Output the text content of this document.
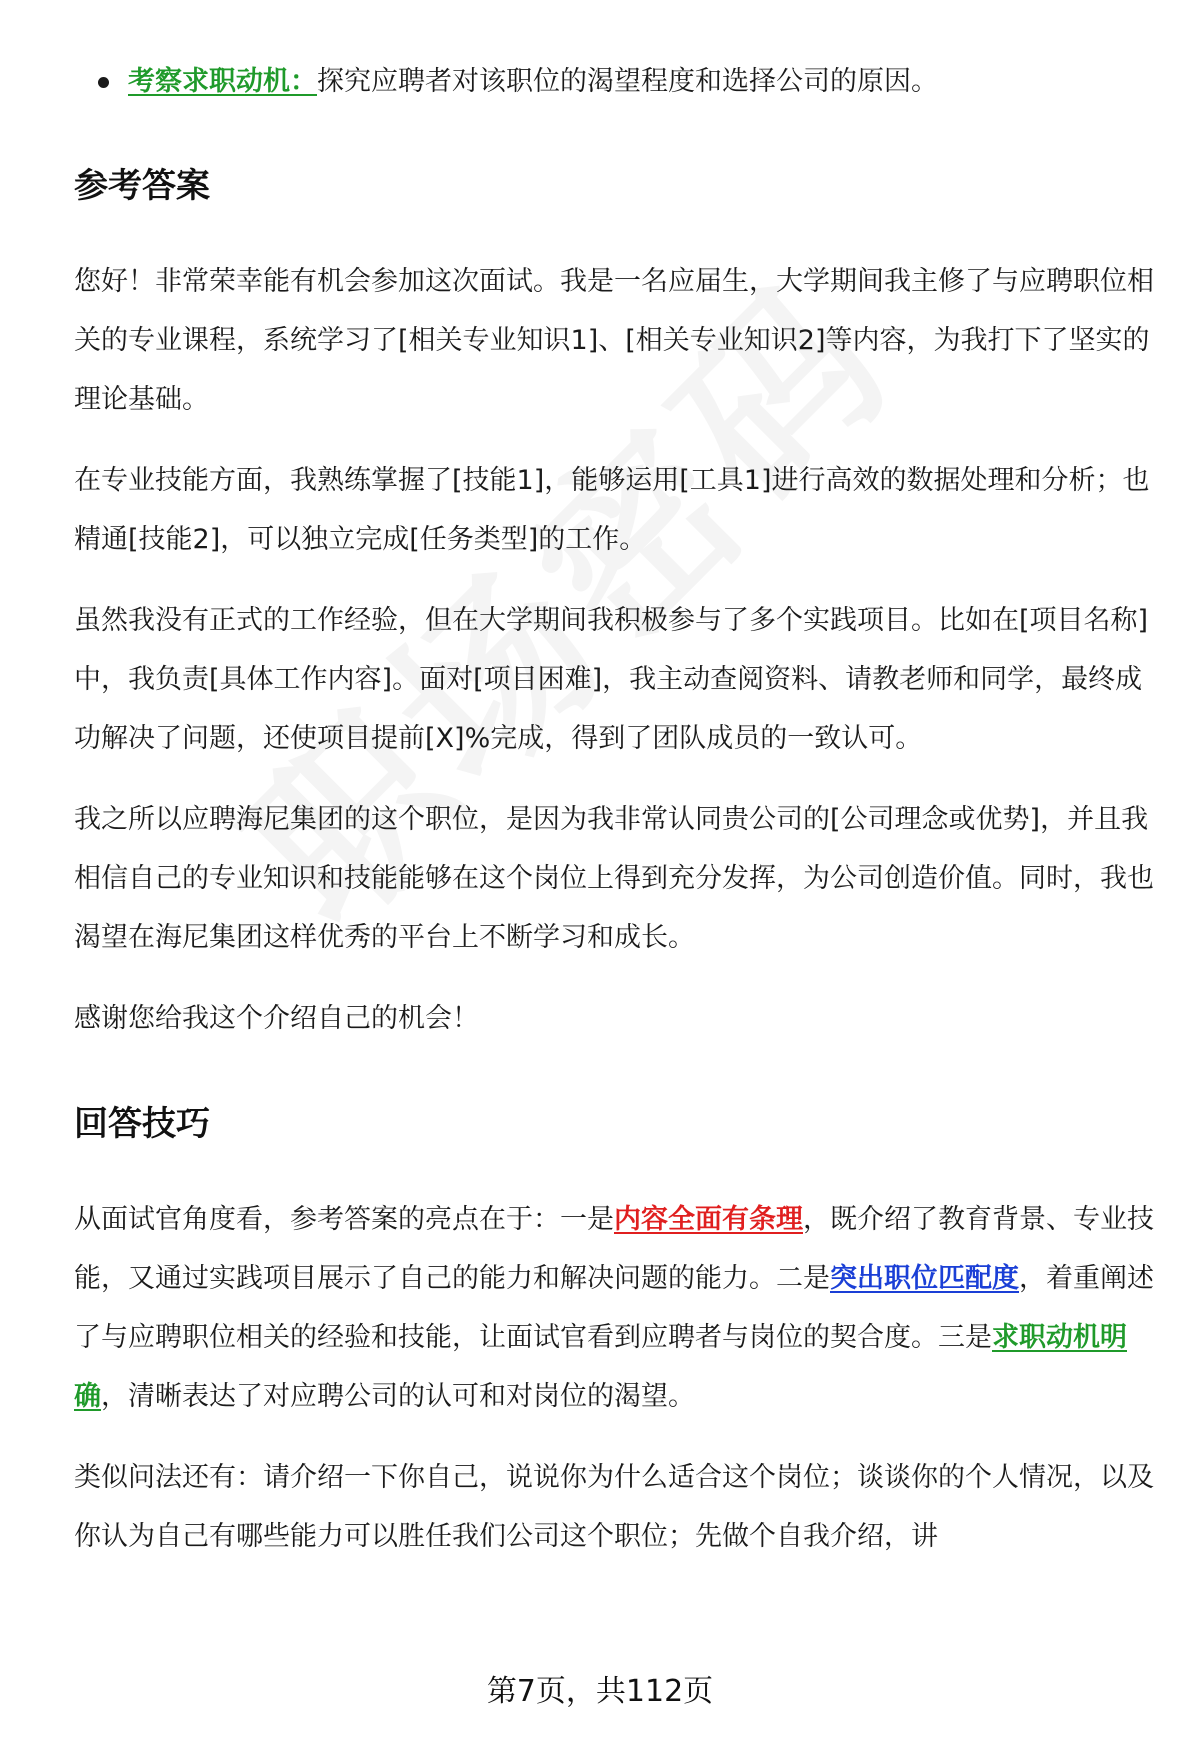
考察求职动机：探究应聘者对该职位的渴望程度和选择公司的原因。
参考答案

您好！非常荣幸能有机会参加这次面试。我是一名应届生，大学期间我主修了与应聘职位相关的专业课程，系统学习了[相关专业知识1]、[相关专业知识2]等内容，为我打下了坚实的理论基础。

在专业技能方面，我熟练掌握了[技能1]，能够运用[工具1]进行高效的数据处理和分析；也精通[技能2]，可以独立完成[任务类型]的工作。

虽然我没有正式的工作经验，但在大学期间我积极参与了多个实践项目。比如在[项目名称]中，我负责[具体工作内容]。面对[项目困难]，我主动查阅资料、请教老师和同学，最终成功解决了问题，还使项目提前[X]%完成，得到了团队成员的一致认可。

我之所以应聘海尼集团的这个职位，是因为我非常认同贵公司的[公司理念或优势]，并且我相信自己的专业知识和技能能够在这个岗位上得到充分发挥，为公司创造价值。同时，我也渴望在海尼集团这样优秀的平台上不断学习和成长。

感谢您给我这个介绍自己的机会！

回答技巧

从面试官角度看，参考答案的亮点在于：一是内容全面有条理，既介绍了教育背景、专业技能，又通过实践项目展示了自己的能力和解决问题的能力。二是突出职位匹配度，着重阐述了与应聘职位相关的经验和技能，让面试官看到应聘者与岗位的契合度。三是求职动机明确，清晰表达了对应聘公司的认可和对岗位的渴望。

类似问法还有：请介绍一下你自己，说说你为什么适合这个岗位；谈谈你的个人情况，以及你认为自己有哪些能力可以胜任我们公司这个职位；先做个自我介绍，讲

第7页，共112页
